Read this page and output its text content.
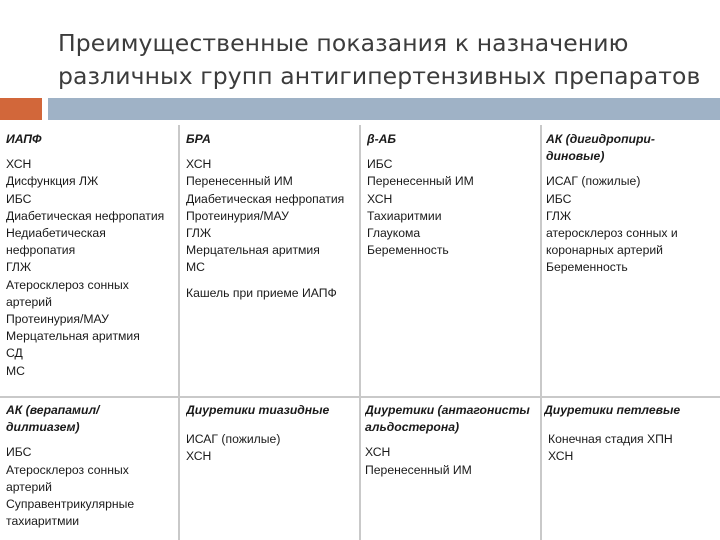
Преимущественные показания к назначению
различных групп антигипертензивных препаратов
ИАПФ
ХСН
Дисфункция ЛЖ
ИБС
Диабетическая нефропатия
Недиабетическая
нефропатия
ГЛЖ
Атеросклероз сонных
артерий
Протеинурия/МАУ
Мерцательная аритмия
СД
МС
БРА
ХСН
Перенесенный ИМ
Диабетическая нефропатия
Протеинурия/МАУ
ГЛЖ
Мерцательная аритмия
МС
Кашель при приеме ИАПФ
β-АБ
ИБС
Перенесенный ИМ
ХСН
Тахиаритмии
Глаукома
Беременность
АК (дигидропири-
диновые)
ИСАГ (пожилые)
ИБС
ГЛЖ
атеросклероз сонных и
коронарных артерий
Беременность
АК (верапамил/
дилтиазем)
ИБС
Атеросклероз сонных
артерий
Суправентрикулярные
тахиаритмии
Диуретики тиазидные
ИСАГ (пожилые)
ХСН
Диуретики (антагонисты
альдостерона)
ХСН
Перенесенный ИМ
Диуретики петлевые
Конечная стадия ХПН
ХСН
